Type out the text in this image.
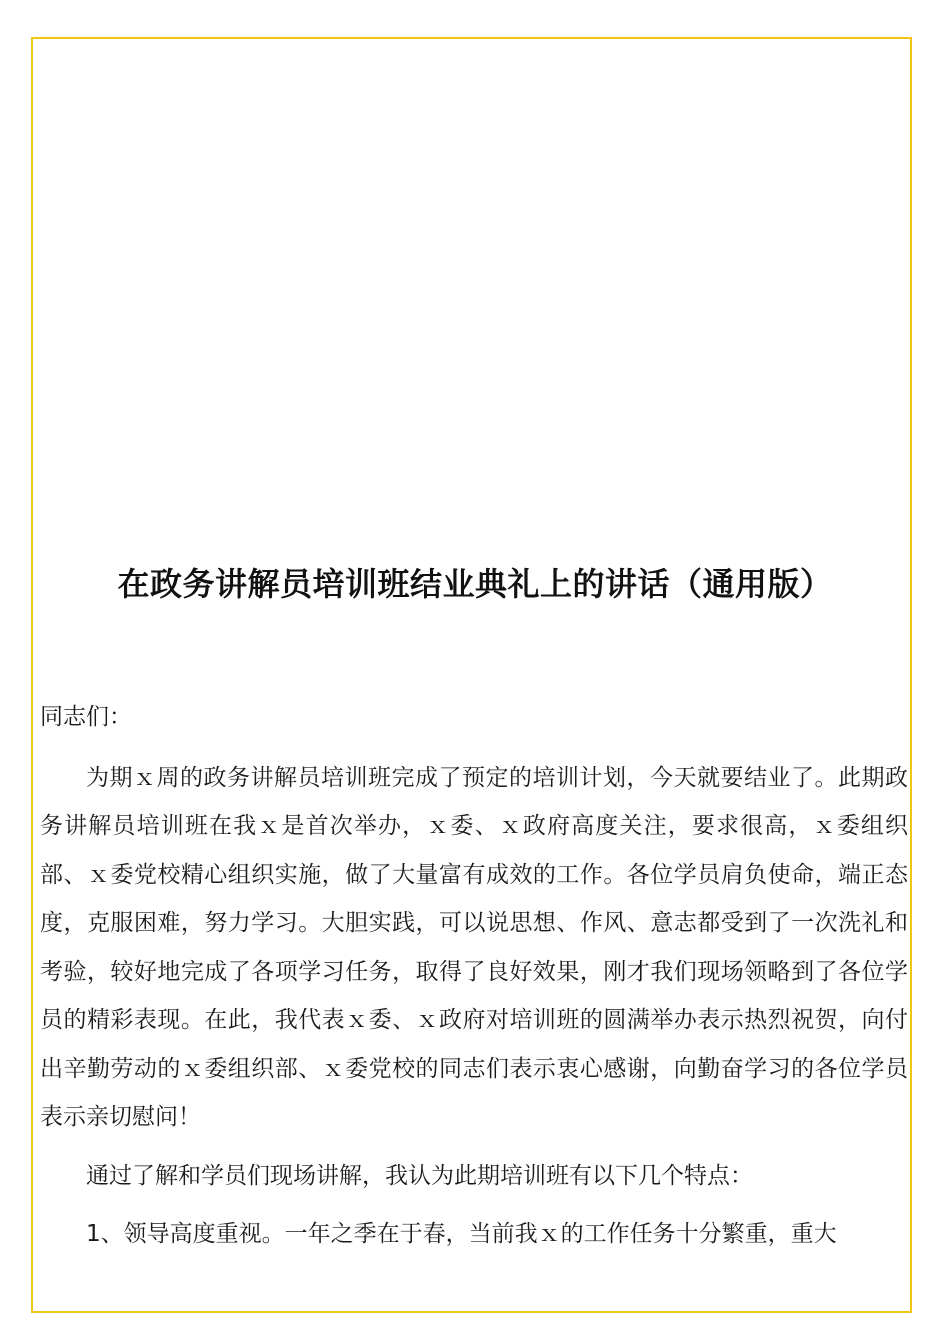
在政务讲解员培训班结业典礼上的讲话（通用版）

同志们：

为期ｘ周的政务讲解员培训班完成了预定的培训计划，今天就要结业了。此期政务讲解员培训班在我ｘ是首次举办，ｘ委、ｘ政府高度关注，要求很高，ｘ委组织部、ｘ委党校精心组织实施，做了大量富有成效的工作。各位学员肩负使命，端正态度，克服困难，努力学习。大胆实践，可以说思想、作风、意志都受到了一次洗礼和考验，较好地完成了各项学习任务，取得了良好效果，刚才我们现场领略到了各位学员的精彩表现。在此，我代表ｘ委、ｘ政府对培训班的圆满举办表示热烈祝贺，向付出辛勤劳动的ｘ委组织部、ｘ委党校的同志们表示衷心感谢，向勤奋学习的各位学员表示亲切慰问！

通过了解和学员们现场讲解，我认为此期培训班有以下几个特点：

1、领导高度重视。一年之季在于春，当前我ｘ的工作任务十分繁重，重大
